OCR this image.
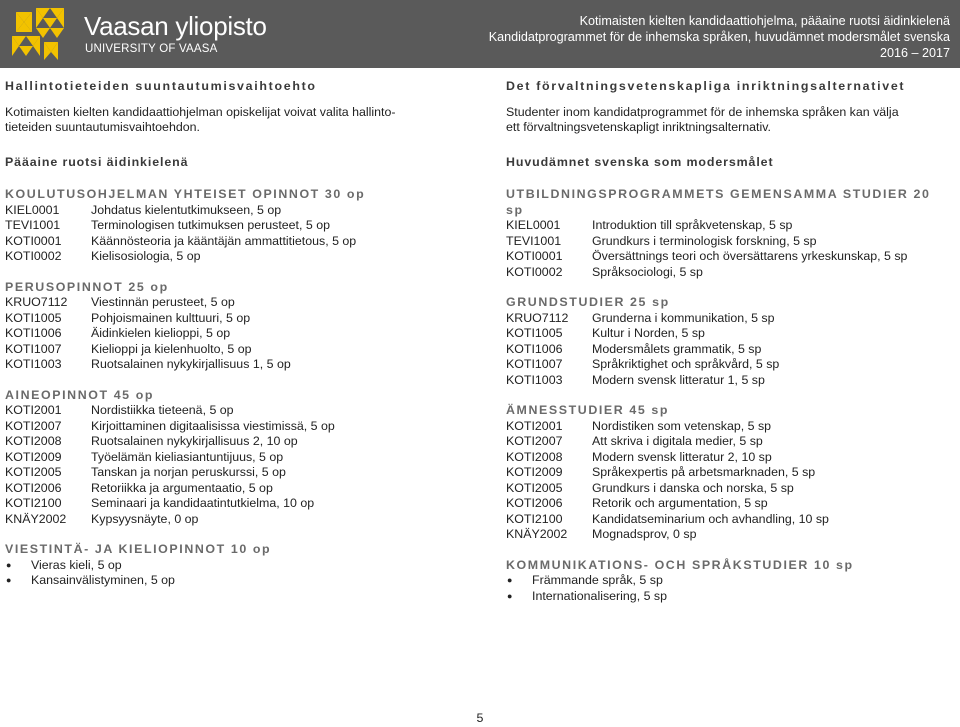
Vaasan yliopisto
UNIVERSITY OF VAASA
Kotimaisten kielten kandidaattiohjelma, pääaine ruotsi äidinkielenä
Kandidatprogrammet för de inhemska språken, huvudämnet modersmålet svenska
2016 – 2017
Hallintotieteiden suuntautumisvaihtoehto
Kotimaisten kielten kandidaattiohjelman opiskelijat voivat valita hallinto-
tieteiden suuntautumisvaihtoehdon.
Pääaine ruotsi äidinkielenä
KOULUTUSOHJELMAN YHTEISET OPINNOT 30 op
KIEL0001	Johdatus kielentutkimukseen, 5 op
TEVI1001	Terminologisen tutkimuksen perusteet, 5 op
KOTI0001	Käännösteoria ja kääntäjän ammattitietous, 5 op
KOTI0002	Kielisosiologia, 5 op
PERUSOPINNOT 25 op
KRUO7112	Viestinnän perusteet, 5 op
KOTI1005	Pohjoismainen kulttuuri, 5 op
KOTI1006	Äidinkielen kielioppi, 5 op
KOTI1007	Kielioppi ja kielenhuolto, 5 op
KOTI1003	Ruotsalainen nykykirjallisuus 1, 5 op
AINEOPINNOT 45 op
KOTI2001	Nordistiikka tieteenä, 5 op
KOTI2007	Kirjoittaminen digitaalisissa viestimissä, 5 op
KOTI2008	Ruotsalainen nykykirjallisuus 2, 10 op
KOTI2009	Työelämän kieliasiantuntijuus, 5 op
KOTI2005	Tanskan ja norjan peruskurssi, 5 op
KOTI2006	Retoriikka ja argumentaatio, 5 op
KOTI2100	Seminaari ja kandidaatintutkielma, 10 op
KNÄY2002	Kypsyysnäyte, 0 op
VIESTINTÄ- JA KIELIOPINNOT 10 op
● Vieras kieli, 5 op
● Kansainvälistyminen, 5 op
Det förvaltningsvetenskapliga inriktningsalternativet
Studenter inom kandidatprogrammet för de inhemska språken kan välja
ett förvaltningsvetenskapligt inriktningsalternativ.
Huvudämnet svenska som modersmålet
UTBILDNINGSPROGRAMMETS GEMENSAMMA STUDIER 20
sp
KIEL0001	Introduktion till språkvetenskap, 5 sp
TEVI1001	Grundkurs i terminologisk forskning, 5 sp
KOTI0001	Översättnings teori och översättarens yrkeskunskap, 5 sp
KOTI0002	Språksociologi, 5 sp
GRUNDSTUDIER 25 sp
KRUO7112	Grunderna i kommunikation, 5 sp
KOTI1005	Kultur i Norden, 5 sp
KOTI1006	Modersmålets grammatik, 5 sp
KOTI1007	Språkriktighet och språkvård, 5 sp
KOTI1003	Modern svensk litteratur 1, 5 sp
ÄMNESSTUDIER 45 sp
KOTI2001	Nordistiken som vetenskap, 5 sp
KOTI2007	Att skriva i digitala medier, 5 sp
KOTI2008	Modern svensk litteratur 2, 10 sp
KOTI2009	Språkexpertis på arbetsmarknaden, 5 sp
KOTI2005	Grundkurs i danska och norska, 5 sp
KOTI2006	Retorik och argumentation, 5 sp
KOTI2100	Kandidatseminarium och avhandling, 10 sp
KNÄY2002	Mognadsprov, 0 sp
KOMMUNIKATIONS- OCH SPRÅKSTUDIER 10 sp
● Främmande språk, 5 sp
● Internationalisering, 5 sp
5
